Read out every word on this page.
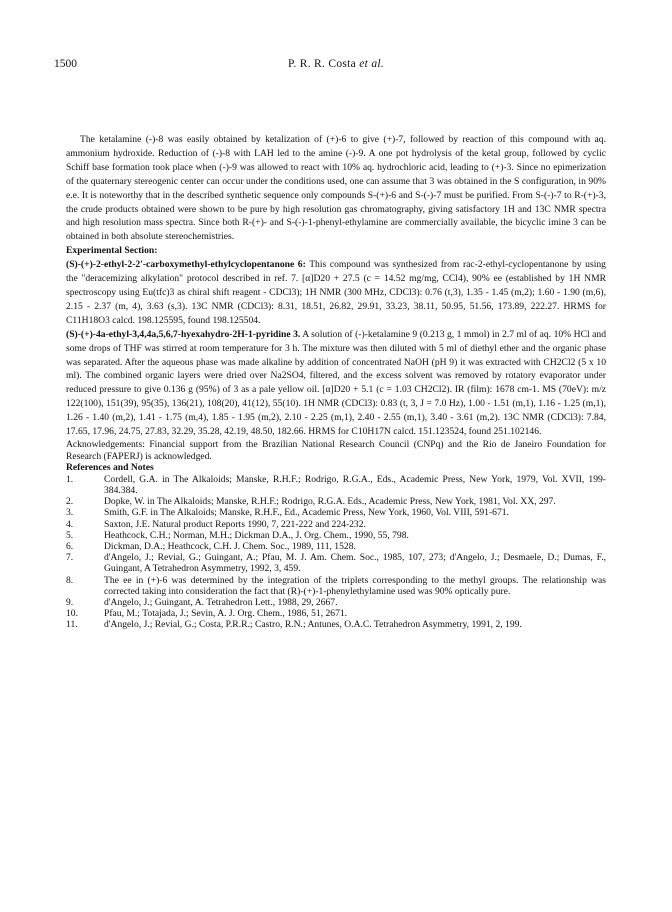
1500	P. R. R. Costa et al.

The ketalamine (-)-8 was easily obtained by ketalization of (+)-6 to give (+)-7, followed by reaction of this compound with aq. ammonium hydroxide. Reduction of (-)-8 with LAH led to the amine (-)-9. A one pot hydrolysis of the ketal group, followed by cyclic Schiff base formation took place when (-)-9 was allowed to react with 10% aq. hydrochloric acid, leading to (+)-3. Since no epimerization of the quaternary stereogenic center can occur under the conditions used, one can assume that 3 was obtained in the S configuration, in 90% e.e. It is noteworthy that in the described synthetic sequence only compounds S-(+)-6 and S-(-)-7 must be purified. From S-(-)-7 to R-(+)-3, the crude products obtained were shown to be pure by high resolution gas chromatography, giving satisfactory 1H and 13C NMR spectra and high resolution mass spectra. Since both R-(+)- and S-(-)-1-phenyl-ethylamine are commercially available, the bicyclic imine 3 can be obtained in both absolute stereochemistries.

Experimental Section:

(S)-(+)-2-ethyl-2-2'-carboxymethyl-ethylcyclopentanone 6: This compound was synthesized from rac-2-ethyl-cyclopentanone by using the "deracemizing alkylation" protocol described in ref. 7. [α]D20 + 27.5 (c = 14.52 mg/mg, CCl4), 90% ee (established by 1H NMR spectroscopy using Eu(tfc)3 as chiral shift reagent - CDCl3); 1H NMR (300 MHz, CDCl3): 0.76 (t,3), 1.35 - 1.45 (m,2); 1.60 - 1.90 (m,6), 2.15 - 2.37 (m, 4), 3.63 (s,3). 13C NMR (CDCl3): 8.31, 18.51, 26.82, 29.91, 33.23, 38.11, 50.95, 51.56, 173.89, 222.27. HRMS for C11H18O3 calcd. 198.125595, found 198.125504.

(S)-(+)-4a-ethyl-3,4,4a,5,6,7-hyexahydro-2H-1-pyridine 3. A solution of (-)-ketalamine 9 (0.213 g, 1 mmol) in 2.7 ml of aq. 10% HCl and some drops of THF was stirred at room temperature for 3 h. The mixture was then diluted with 5 ml of diethyl ether and the organic phase was separated. After the aqueous phase was made alkaline by addition of concentrated NaOH (pH 9) it was extracted with CH2Cl2 (5 x 10 ml). The combined organic layers were dried over Na2SO4, filtered, and the excess solvent was removed by rotatory evaporator under reduced pressure to give 0.136 g (95%) of 3 as a pale yellow oil. [α]D20 + 5.1 (c = 1.03 CH2Cl2). IR (film): 1678 cm-1. MS (70eV): m/z 122(100), 151(39), 95(35), 136(21), 108(20), 41(12), 55(10). 1H NMR (CDCl3): 0.83 (t, 3, J = 7.0 Hz), 1.00 - 1.51 (m,1), 1.16 - 1.25 (m,1), 1.26 - 1.40 (m,2), 1.41 - 1.75 (m,4), 1.85 - 1.95 (m,2), 2.10 - 2.25 (m,1), 2.40 - 2.55 (m,1), 3.40 - 3.61 (m,2). 13C NMR (CDCl3): 7.84, 17.65, 17.96, 24.75, 27.83, 32.29, 35.28, 42.19, 48.50, 182.66. HRMS for C10H17N calcd. 151.123524, found 251.102146.

Acknowledgements: Financial support from the Brazilian National Research Council (CNPq) and the Rio de Janeiro Foundation for Research (FAPERJ) is acknowledged.

References and Notes

1.	Cordell, G.A. in The Alkaloids; Manske, R.H.F.; Rodrigo, R.G.A., Eds., Academic Press, New York, 1979, Vol. XVII, 199-384.384.
2.	Dopke, W. in The Alkaloids; Manske, R.H.F.; Rodrigo, R.G.A. Eds., Academic Press, New York, 1981, Vol. XX, 297.
3.	Smith, G.F. in The Alkaloids; Manske, R.H.F., Ed., Academic Press, New York, 1960, Vol. VIII, 591-671.
4.	Saxton, J.E. Natural product Reports 1990, 7, 221-222 and 224-232.
5.	Heathcock, C.H.; Norman, M.H.; Dickman D.A., J. Org. Chem., 1990, 55, 798.
6.	Dickman, D.A.; Heathcock, C.H. J. Chem. Soc., 1989, 111, 1528.
7.	d'Angelo, J.; Revial, G.; Guingant, A.; Pfau, M. J. Am. Chem. Soc., 1985, 107, 273; d'Angelo, J.; Desmaele, D.; Dumas, F., Guingant, A Tetrahedron Asymmetry, 1992, 3, 459.
8.	The ee in (+)-6 was determined by the integration of the triplets corresponding to the methyl groups. The relationship was corrected taking into consideration the fact that (R)-(+)-1-phenylethylamine used was 90% optically pure.
9.	d'Angelo, J.; Guingant, A. Tetrahedron Lett., 1988, 29, 2667.
10.	Pfau, M.; Totajada, J.; Sevin, A. J. Org. Chem., 1986, 51, 2671.
11.	d'Angelo, J.; Revial, G.; Costa, P.R.R.; Castro, R.N.; Antunes, O.A.C. Tetrahedron Asymmetry, 1991, 2, 199.
